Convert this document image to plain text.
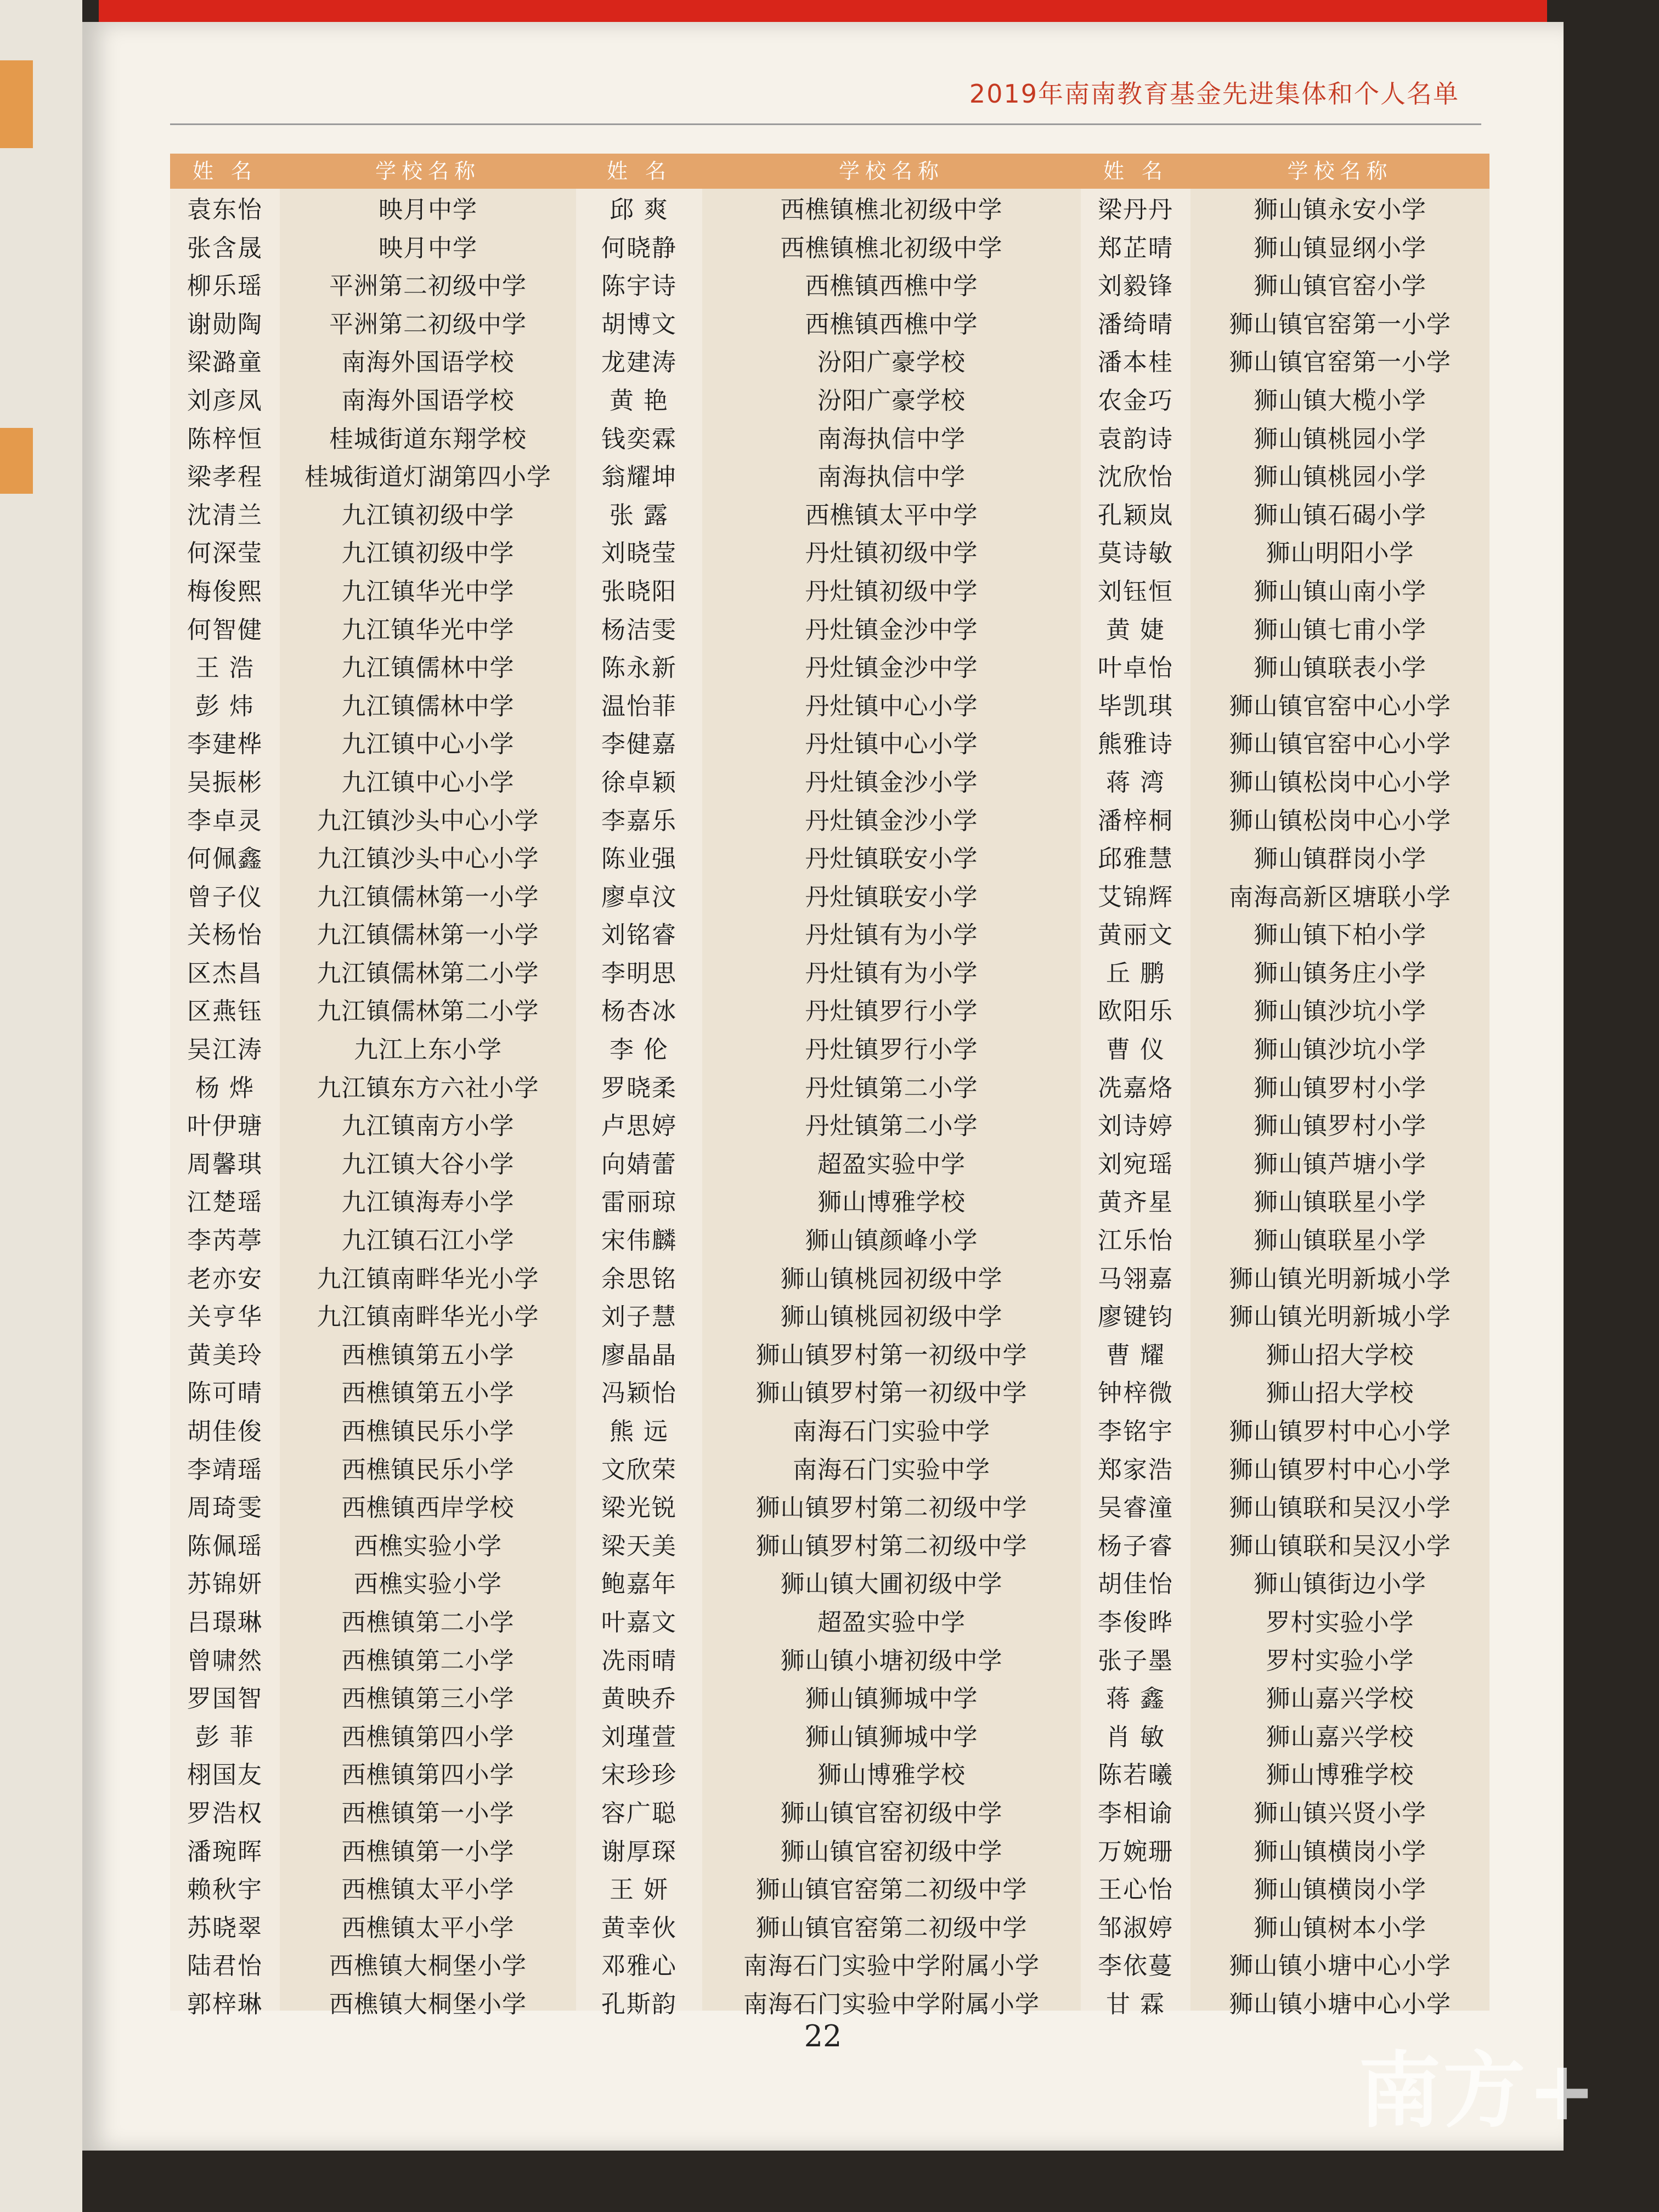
2019年南南教育基金先进集体和个人名单
姓 名
袁东怡
张含晟
柳乐瑶
谢勋陶
梁潞童
刘彦凤
陈梓恒
梁孝程
沈清兰
何深莹
梅俊熙
何智健
王 浩
彭 炜
李建桦
吴振彬
李卓灵
何佩鑫
曾子仪
关杨怡
区杰昌
区燕钰
吴江涛
杨 烨
叶伊瑭
周馨琪
江楚瑶
李芮葶
老亦安
关亨华
黄美玲
陈可晴
胡佳俊
李靖瑶
周琦雯
陈佩瑶
苏锦妍
吕璟琳
曾啸然
罗国智
彭 菲
栩国友
罗浩权
潘琬晖
赖秋宇
苏晓翠
陆君怡
郭梓琳
学校名称
映月中学
映月中学
平洲第二初级中学
平洲第二初级中学
南海外国语学校
南海外国语学校
桂城街道东翔学校
桂城街道灯湖第四小学
九江镇初级中学
九江镇初级中学
九江镇华光中学
九江镇华光中学
九江镇儒林中学
九江镇儒林中学
九江镇中心小学
九江镇中心小学
九江镇沙头中心小学
九江镇沙头中心小学
九江镇儒林第一小学
九江镇儒林第一小学
九江镇儒林第二小学
九江镇儒林第二小学
九江上东小学
九江镇东方六社小学
九江镇南方小学
九江镇大谷小学
九江镇海寿小学
九江镇石江小学
九江镇南畔华光小学
九江镇南畔华光小学
西樵镇第五小学
西樵镇第五小学
西樵镇民乐小学
西樵镇民乐小学
西樵镇西岸学校
西樵实验小学
西樵实验小学
西樵镇第二小学
西樵镇第二小学
西樵镇第三小学
西樵镇第四小学
西樵镇第四小学
西樵镇第一小学
西樵镇第一小学
西樵镇太平小学
西樵镇太平小学
西樵镇大桐堡小学
西樵镇大桐堡小学
姓 名
邱 爽
何晓静
陈宇诗
胡博文
龙建涛
黄 艳
钱奕霖
翁耀坤
张 露
刘晓莹
张晓阳
杨洁雯
陈永新
温怡菲
李健嘉
徐卓颖
李嘉乐
陈业强
廖卓汶
刘铭睿
李明思
杨杏冰
李 伦
罗晓柔
卢思婷
向婧蕾
雷丽琼
宋伟麟
余思铭
刘子慧
廖晶晶
冯颖怡
熊 远
文欣荣
梁光锐
梁天美
鲍嘉年
叶嘉文
冼雨晴
黄映乔
刘瑾萱
宋珍珍
容广聪
谢厚琛
王 妍
黄幸伙
邓雅心
孔斯韵
学校名称
西樵镇樵北初级中学
西樵镇樵北初级中学
西樵镇西樵中学
西樵镇西樵中学
汾阳广豪学校
汾阳广豪学校
南海执信中学
南海执信中学
西樵镇太平中学
丹灶镇初级中学
丹灶镇初级中学
丹灶镇金沙中学
丹灶镇金沙中学
丹灶镇中心小学
丹灶镇中心小学
丹灶镇金沙小学
丹灶镇金沙小学
丹灶镇联安小学
丹灶镇联安小学
丹灶镇有为小学
丹灶镇有为小学
丹灶镇罗行小学
丹灶镇罗行小学
丹灶镇第二小学
丹灶镇第二小学
超盈实验中学
狮山博雅学校
狮山镇颜峰小学
狮山镇桃园初级中学
狮山镇桃园初级中学
狮山镇罗村第一初级中学
狮山镇罗村第一初级中学
南海石门实验中学
南海石门实验中学
狮山镇罗村第二初级中学
狮山镇罗村第二初级中学
狮山镇大圃初级中学
超盈实验中学
狮山镇小塘初级中学
狮山镇狮城中学
狮山镇狮城中学
狮山博雅学校
狮山镇官窑初级中学
狮山镇官窑初级中学
狮山镇官窑第二初级中学
狮山镇官窑第二初级中学
南海石门实验中学附属小学
南海石门实验中学附属小学
姓 名
梁丹丹
郑芷晴
刘毅锋
潘绮晴
潘本桂
农金巧
袁韵诗
沈欣怡
孔颖岚
莫诗敏
刘钰恒
黄 婕
叶卓怡
毕凯琪
熊雅诗
蒋 湾
潘梓桐
邱雅慧
艾锦辉
黄丽文
丘 鹏
欧阳乐
曹 仪
冼嘉烙
刘诗婷
刘宛瑶
黄齐星
江乐怡
马翎嘉
廖键钧
曹 耀
钟梓微
李铭宇
郑家浩
吴睿潼
杨子睿
胡佳怡
李俊晔
张子墨
蒋 鑫
肖 敏
陈若曦
李相谕
万婉珊
王心怡
邹淑婷
李依蔓
甘 霖
学校名称
狮山镇永安小学
狮山镇显纲小学
狮山镇官窑小学
狮山镇官窑第一小学
狮山镇官窑第一小学
狮山镇大榄小学
狮山镇桃园小学
狮山镇桃园小学
狮山镇石碣小学
狮山明阳小学
狮山镇山南小学
狮山镇七甫小学
狮山镇联表小学
狮山镇官窑中心小学
狮山镇官窑中心小学
狮山镇松岗中心小学
狮山镇松岗中心小学
狮山镇群岗小学
南海高新区塘联小学
狮山镇下柏小学
狮山镇务庄小学
狮山镇沙坑小学
狮山镇沙坑小学
狮山镇罗村小学
狮山镇罗村小学
狮山镇芦塘小学
狮山镇联星小学
狮山镇联星小学
狮山镇光明新城小学
狮山镇光明新城小学
狮山招大学校
狮山招大学校
狮山镇罗村中心小学
狮山镇罗村中心小学
狮山镇联和吴汉小学
狮山镇联和吴汉小学
狮山镇街边小学
罗村实验小学
罗村实验小学
狮山嘉兴学校
狮山嘉兴学校
狮山博雅学校
狮山镇兴贤小学
狮山镇横岗小学
狮山镇横岗小学
狮山镇树本小学
狮山镇小塘中心小学
狮山镇小塘中心小学
22
南方+
